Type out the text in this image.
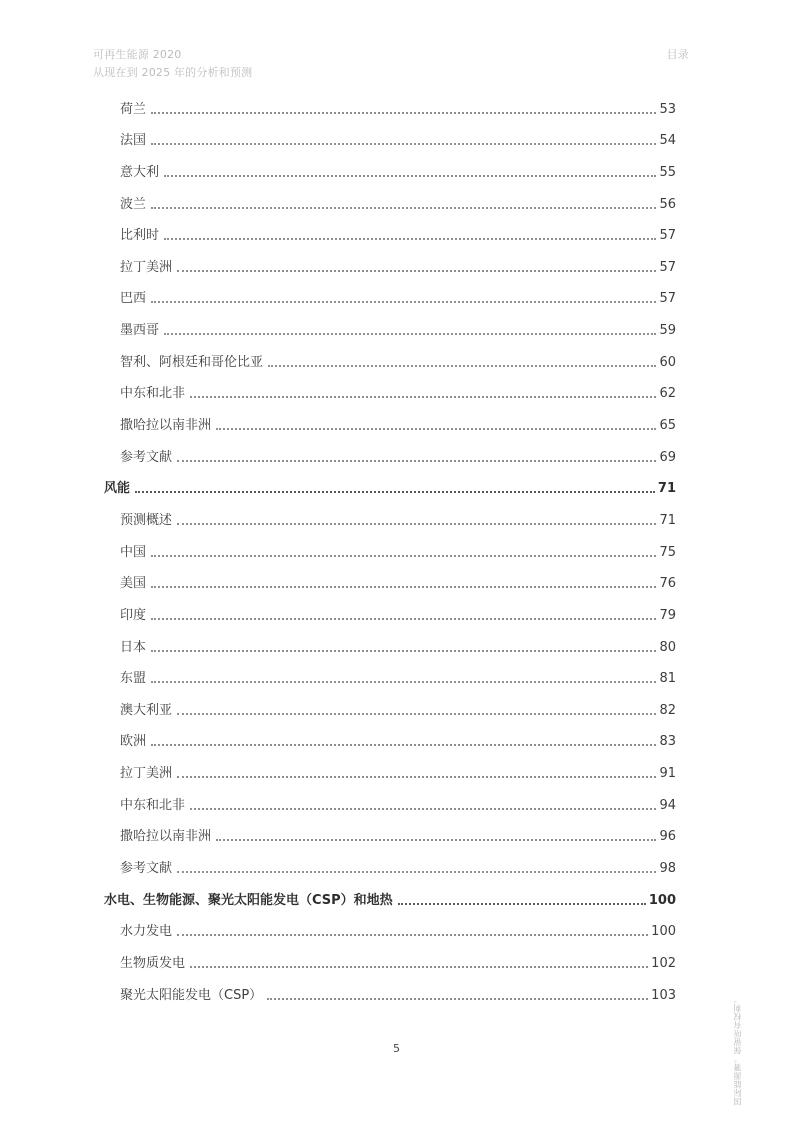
可再生能源 2020
从现在到 2025 年的分析和预测
目录
荷兰	53
法国	54
意大利	55
波兰	56
比利时	57
拉丁美洲	57
巴西	57
墨西哥	59
智利、阿根廷和哥伦比亚	60
中东和北非	62
撒哈拉以南非洲	65
参考文献	69
风能	71
预测概述	71
中国	75
美国	76
印度	79
日本	80
东盟	81
澳大利亚	82
欧洲	83
拉丁美洲	91
中东和北非	94
撒哈拉以南非洲	96
参考文献	98
水电、生物能源、聚光太阳能发电（CSP）和地热	100
水力发电	100
生物质发电	102
聚光太阳能发电（CSP）	103
5	国际能源署。保留所有权利。
